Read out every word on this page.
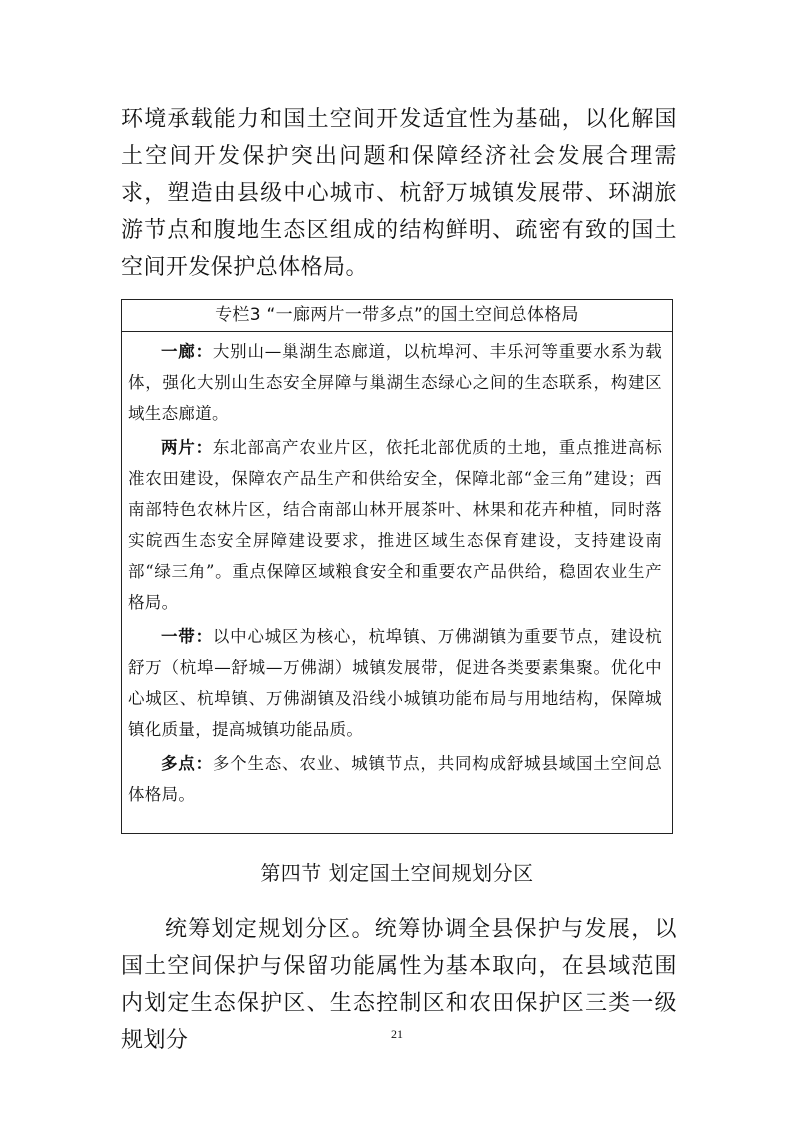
环境承载能力和国土空间开发适宜性为基础，以化解国土空间开发保护突出问题和保障经济社会发展合理需求，塑造由县级中心城市、杭舒万城镇发展带、环湖旅游节点和腹地生态区组成的结构鲜明、疏密有致的国土空间开发保护总体格局。

专栏3 “一廊两片一带多点”的国土空间总体格局

一廊：大别山—巢湖生态廊道，以杭埠河、丰乐河等重要水系为载体，强化大别山生态安全屏障与巢湖生态绿心之间的生态联系，构建区域生态廊道。

两片：东北部高产农业片区，依托北部优质的土地，重点推进高标准农田建设，保障农产品生产和供给安全，保障北部“金三角”建设；西南部特色农林片区，结合南部山林开展茶叶、林果和花卉种植，同时落实皖西生态安全屏障建设要求，推进区域生态保育建设，支持建设南部“绿三角”。重点保障区域粮食安全和重要农产品供给，稳固农业生产格局。

一带：以中心城区为核心，杭埠镇、万佛湖镇为重要节点，建设杭舒万（杭埠—舒城—万佛湖）城镇发展带，促进各类要素集聚。优化中心城区、杭埠镇、万佛湖镇及沿线小城镇功能布局与用地结构，保障城镇化质量，提高城镇功能品质。

多点：多个生态、农业、城镇节点，共同构成舒城县域国土空间总体格局。

第四节 划定国土空间规划分区

统筹划定规划分区。统筹协调全县保护与发展，以国土空间保护与保留功能属性为基本取向，在县域范围内划定生态保护区、生态控制区和农田保护区三类一级规划分	21
